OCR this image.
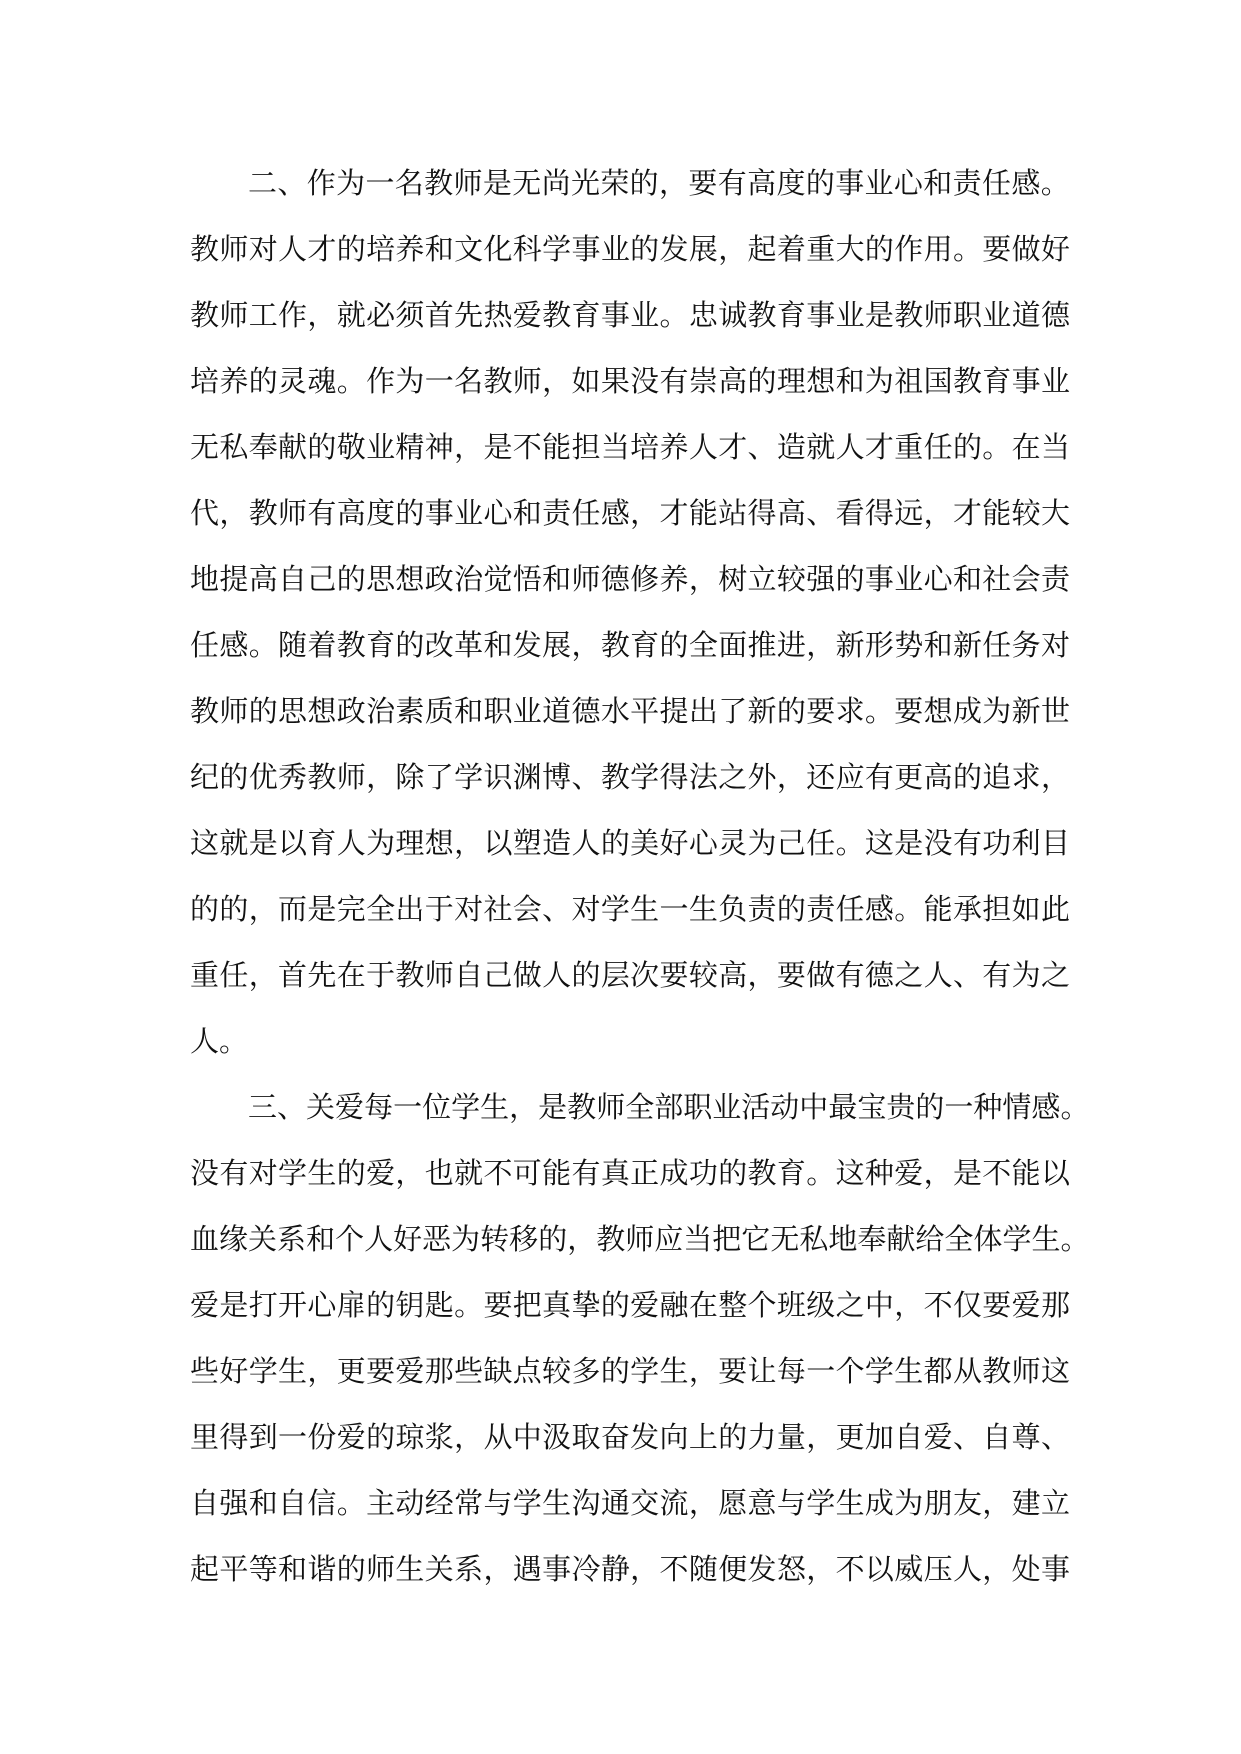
二 、 作 为 一 名 教 师 是 无 尚 光 荣 的 ， 要 有 高 度 的 事 业 心 和 责 任 感 。
教 师 对 人 才 的 培 养 和 文 化 科 学 事 业 的 发 展 ， 起 着 重 大 的 作 用 。 要 做 好
教 师 工 作 ， 就 必 须 首 先 热 爱 教 育 事 业 。 忠 诚 教 育 事 业 是 教 师 职 业 道 德
培 养 的 灵 魂 。 作 为 一 名 教 师 ， 如 果 没 有 崇 高 的 理 想 和 为 祖 国 教 育 事 业
无 私 奉 献 的 敬 业 精 神 ， 是 不 能 担 当 培 养 人 才 、 造 就 人 才 重 任 的 。 在 当
代 ， 教 师 有 高 度 的 事 业 心 和 责 任 感 ， 才 能 站 得 高 、 看 得 远 ， 才 能 较 大
地 提 高 自 己 的 思 想 政 治 觉 悟 和 师 德 修 养 ， 树 立 较 强 的 事 业 心 和 社 会 责
任 感 。 随 着 教 育 的 改 革 和 发 展 ， 教 育 的 全 面 推 进 ， 新 形 势 和 新 任 务 对
教 师 的 思 想 政 治 素 质 和 职 业 道 德 水 平 提 出 了 新 的 要 求 。 要 想 成 为 新 世
纪 的 优 秀 教 师 ， 除 了 学 识 渊 博 、 教 学 得 法 之 外 ， 还 应 有 更 高 的 追 求 ，
这 就 是 以 育 人 为 理 想 ， 以 塑 造 人 的 美 好 心 灵 为 己 任 。 这 是 没 有 功 利 目
的 的 ， 而 是 完 全 出 于 对 社 会 、 对 学 生 一 生 负 责 的 责 任 感 。 能 承 担 如 此
重 任 ， 首 先 在 于 教 师 自 己 做 人 的 层 次 要 较 高 ， 要 做 有 德 之 人 、 有 为 之
人。
三 、 关 爱 每 一 位 学 生 ， 是 教 师 全 部 职 业 活 动 中 最 宝 贵 的 一 种 情 感 。
没 有 对 学 生 的 爱 ， 也 就 不 可 能 有 真 正 成 功 的 教 育 。 这 种 爱 ， 是 不 能 以
血 缘 关 系 和 个 人 好 恶 为 转 移 的 ， 教 师 应 当 把 它 无 私 地 奉 献 给 全 体 学 生 。
爱 是 打 开 心 扉 的 钥 匙 。 要 把 真 挚 的 爱 融 在 整 个 班 级 之 中 ， 不 仅 要 爱 那
些 好 学 生 ， 更 要 爱 那 些 缺 点 较 多 的 学 生 ， 要 让 每 一 个 学 生 都 从 教 师 这
里 得 到 一 份 爱 的 琼 浆 ， 从 中 汲 取 奋 发 向 上 的 力 量 ， 更 加 自 爱 、 自 尊 、
自 强 和 自 信 。 主 动 经 常 与 学 生 沟 通 交 流 ， 愿 意 与 学 生 成 为 朋 友 ， 建 立
起 平 等 和 谐 的 师 生 关 系 ， 遇 事 冷 静 ， 不 随 便 发 怒 ， 不 以 威 压 人 ， 处 事
